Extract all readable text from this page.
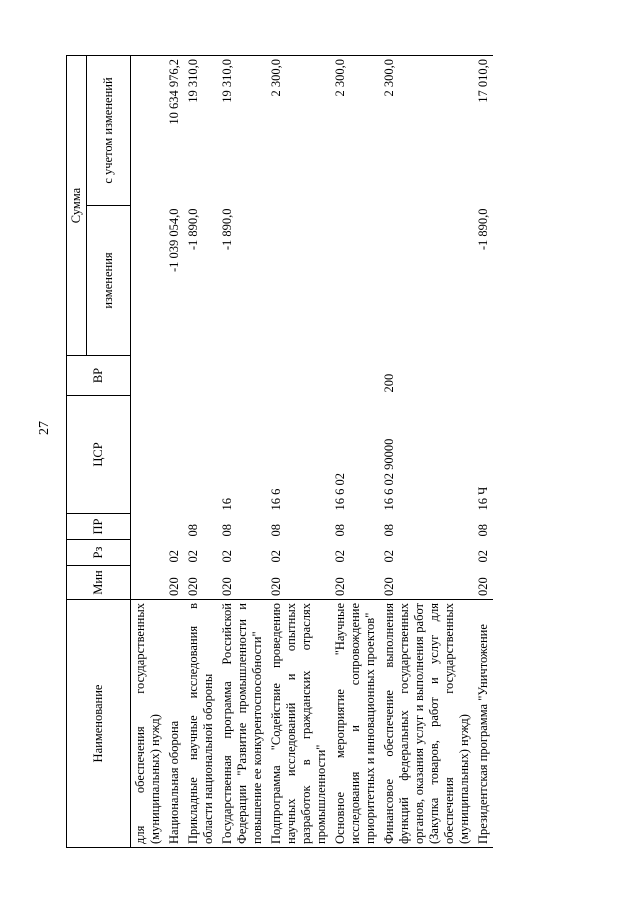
27
Наименование	Мин	Рз	ПР	ЦСР	ВР	Сумма	
						изменения	с учетом изменений
для обеспечения государственных (муниципальных) нужд)							
Национальная оборона	020	02				-1 039 054,0	10 634 976,2
Прикладные научные исследования в области национальной обороны	020	02	08			-1 890,0	19 310,0
Государственная программа Российской Федерации "Развитие промышленности и повышение ее конкурентоспособности"	020	02	08	16		-1 890,0	19 310,0
Подпрограмма "Содействие проведению научных исследований и опытных разработок в гражданских отраслях промышленности"	020	02	08	16 6			2 300,0
Основное мероприятие "Научные исследования и сопровождение приоритетных и инновационных проектов"	020	02	08	16 6 02			2 300,0
Финансовое обеспечение выполнения функций федеральных государственных органов, оказания услуг и выполнения работ (Закупка товаров, работ и услуг для обеспечения государственных (муниципальных) нужд)	020	02	08	16 6 02 90000	200		2 300,0
Президентская программа "Уничтожение	020	02	08	16 Ч		-1 890,0	17 010,0
